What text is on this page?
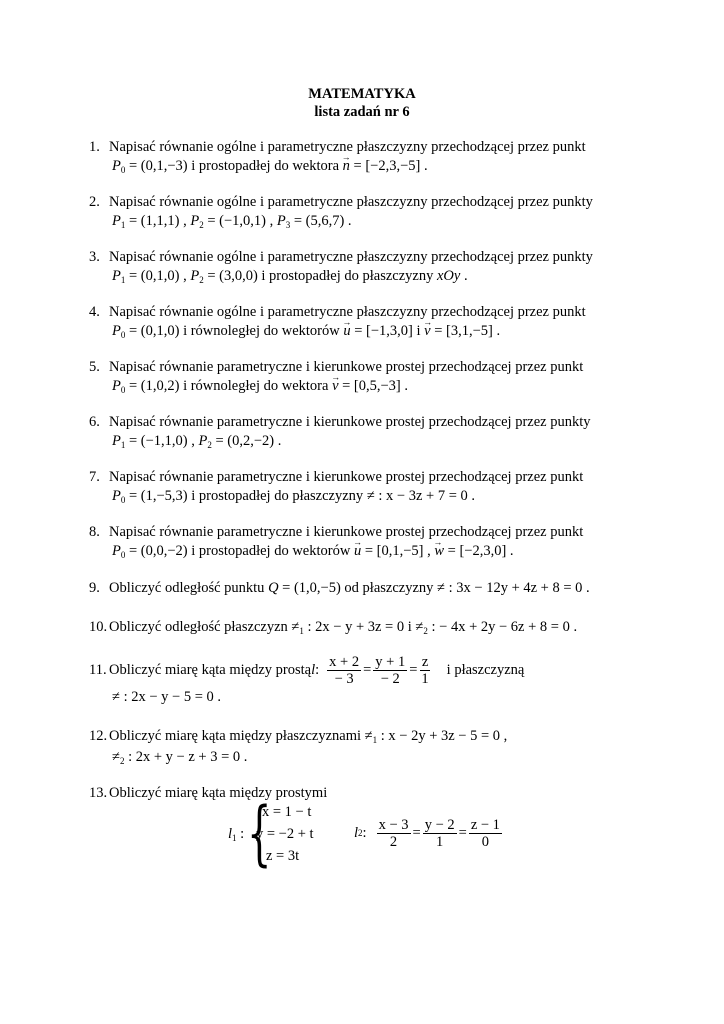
MATEMATYKA
lista zadań nr 6
1. Napisać równanie ogólne i parametryczne płaszczyzny przechodzącej przez punkt
$P_0 = (0,1,-3)$ i prostopadłej do wektora → n = [−2,3,−5] .
2. Napisać równanie ogólne i parametryczne płaszczyzny przechodzącej przez punkty
$P_1 = (1,1,1)$ , $P_2 = (-1,0,1)$ , $P_3 = (5,6,7)$ .
3. Napisać równanie ogólne i parametryczne płaszczyzny przechodzącej przez punkty
$P_1 = (0,1,0)$ , $P_2 = (3,0,0)$ i prostopadłej do płaszczyzny xOy .
4. Napisać równanie ogólne i parametryczne płaszczyzny przechodzącej przez punkt
$P_0 = (0,1,0)$ i równoległej do wektorów → u = [−1,3,0] i → v = [3,1,−5] .
5. Napisać równanie parametryczne i kierunkowe prostej przechodzącej przez punkt
$P_0 = (1,0,2)$ i równoległej do wektora → v = [0,5,−3] .
6. Napisać równanie parametryczne i kierunkowe prostej przechodzącej przez punkty
$P_1 = (-1,1,0)$ , $P_2 = (0,2,-2)$ .
7. Napisać równanie parametryczne i kierunkowe prostej przechodzącej przez punkt
$P_0 = (1,-5,3)$ i prostopadłej do płaszczyzny ≠ : x − 3z + 7 = 0 .
8. Napisać równanie parametryczne i kierunkowe prostej przechodzącej przez punkt
$P_0 = (0,0,-2)$ i prostopadłej do wektorów → u = [0,1,−5] , → w = [−2,3,0] .
9. Obliczyć odległość punktu Q = (1,0,−5) od płaszczyzny ≠ : 3x − 12y + 4z + 8 = 0 .
10. Obliczyć odległość płaszczyzn $\ne_1$ : 2x − y + 3z = 0 $i \ne_2$ : − 4x + 2y − 6z + 8 = 0 .
11. Obliczyć miarę kąta między prostą l : $\frac{x + 2}{- 3} = \frac{y + 1}{- 2} = \frac{z}{1}$ i płaszczyzną
≠ : 2x − y − 5 = 0 .
12. Obliczyć miarę kąta między płaszczyznami $\ne_1$ : x − 2y + 3z − 5 = 0 ,
$\ne_2$ : 2x + y − z + 3 = 0 .
13. Obliczyć miarę kąta między prostymi
$l_1$ : {
x = 1 − t
y = −2 + t
z = 3t
l 2 : $\frac{x - 3}{2} = \frac{y - 2}{1} = \frac{z - 1}{0}$
